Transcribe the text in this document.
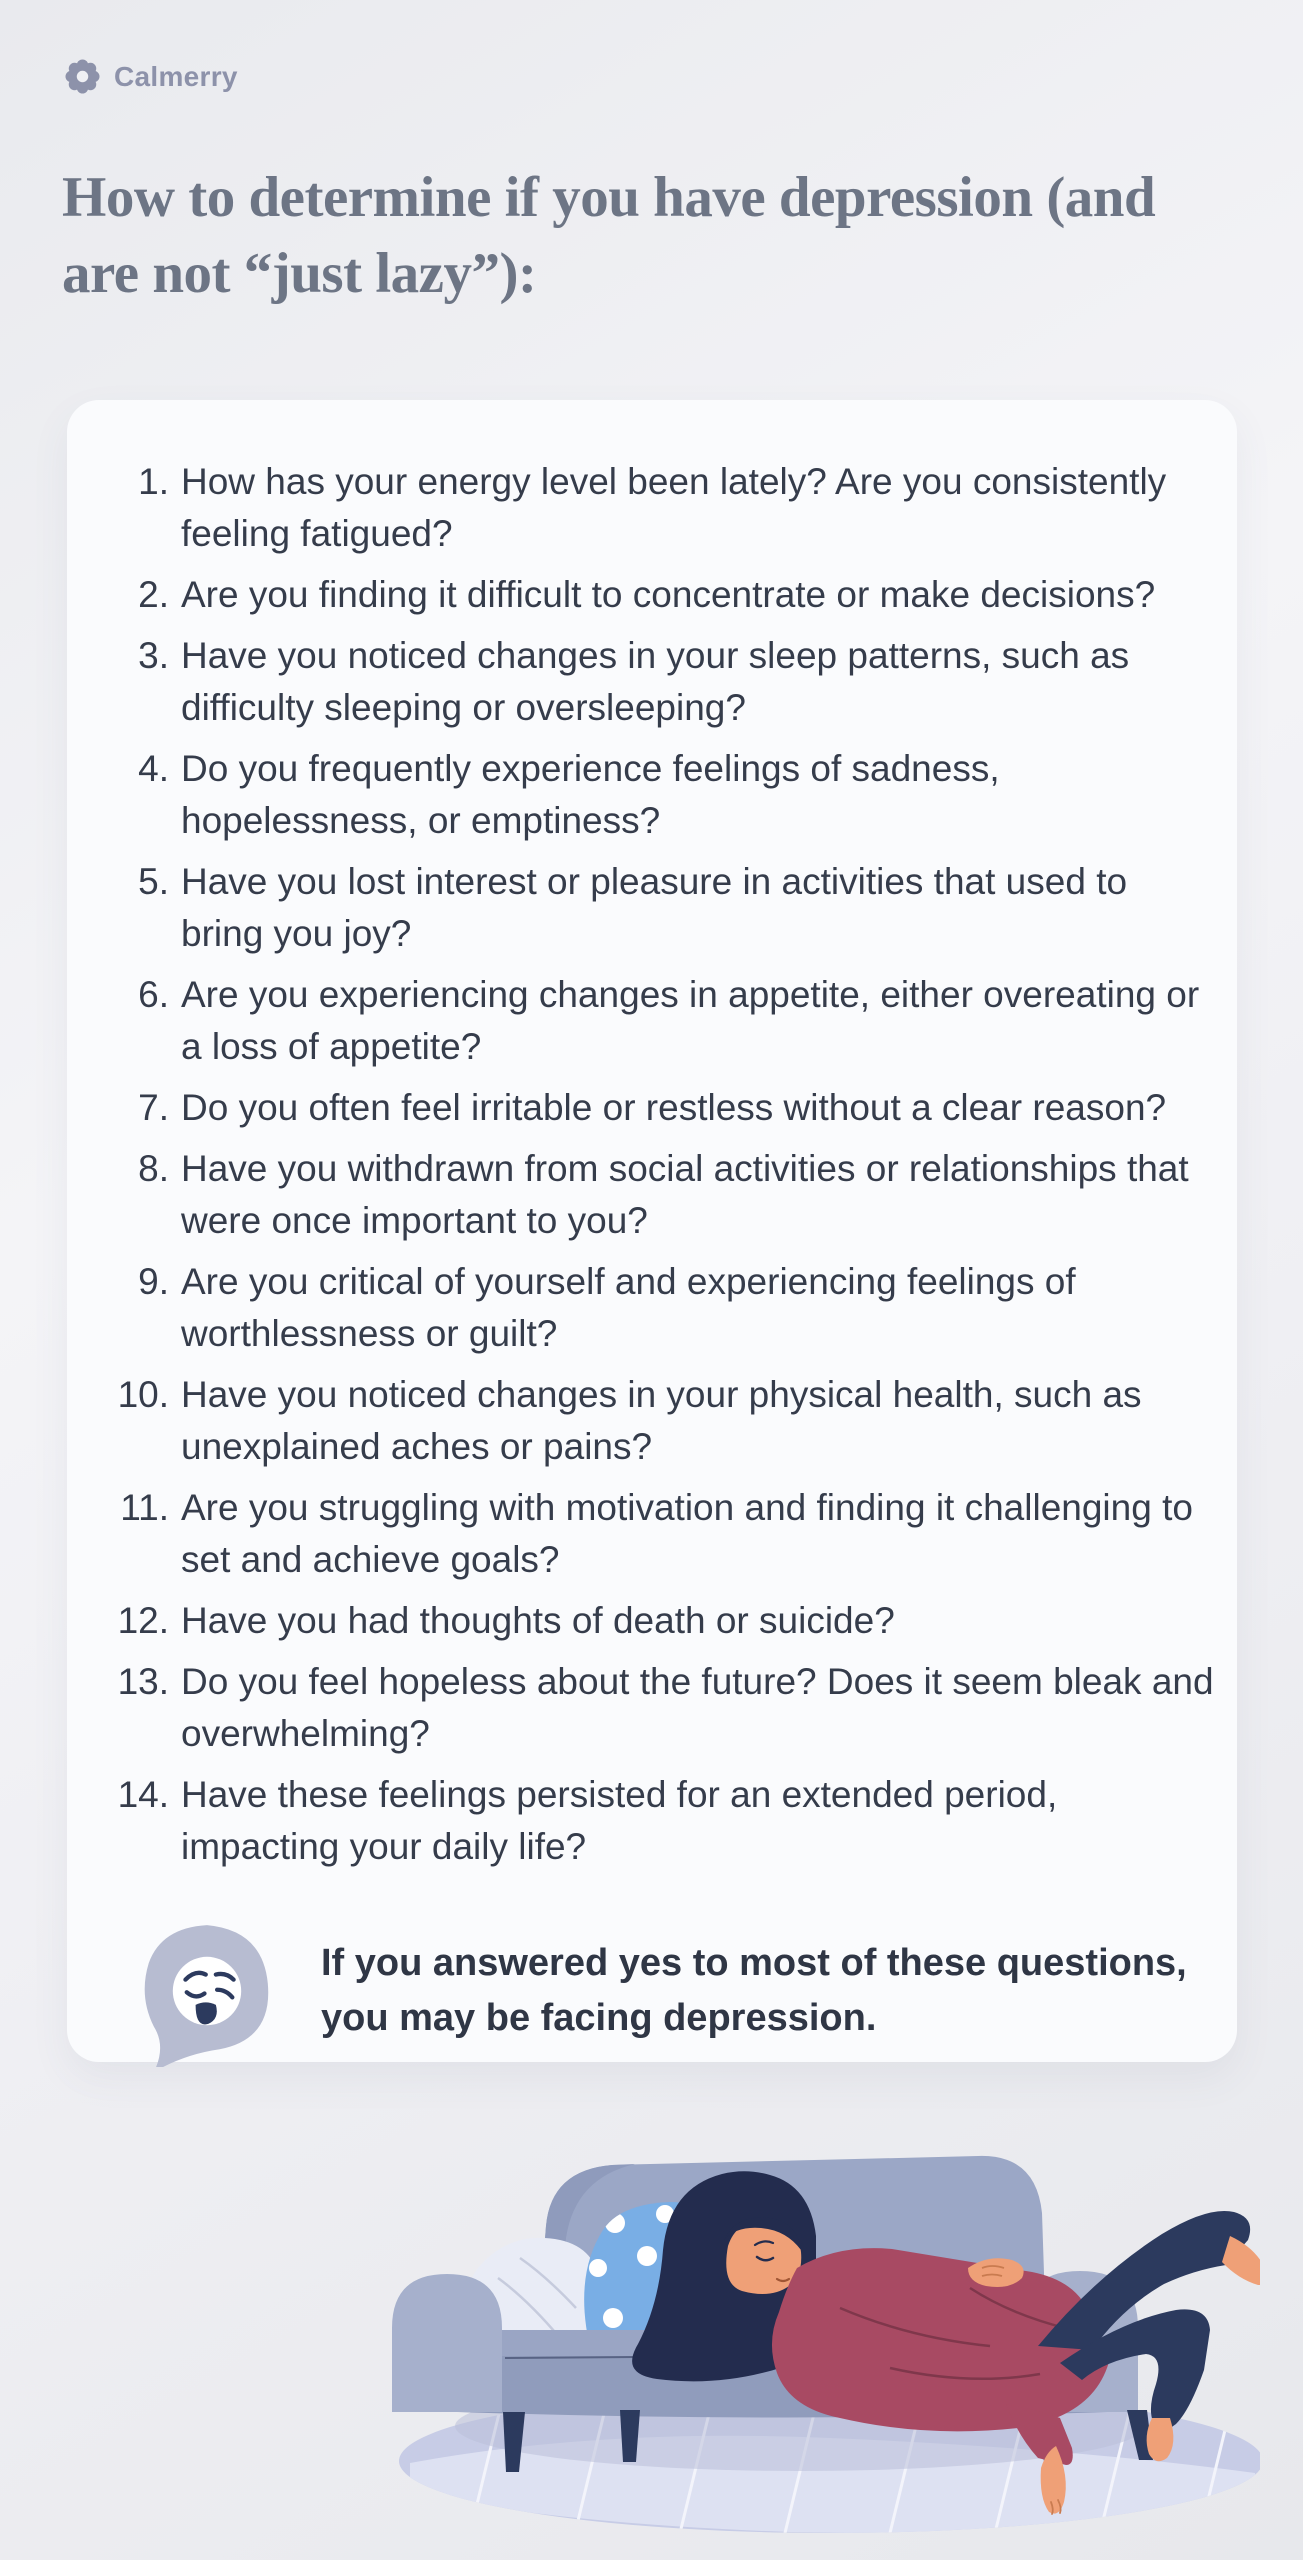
Calmerry
How to determine if you have depression (and are not “just lazy”):
1. How has your energy level been lately? Are you consistently feeling fatigued?
2. Are you finding it difficult to concentrate or make decisions?
3. Have you noticed changes in your sleep patterns, such as difficulty sleeping or oversleeping?
4. Do you frequently experience feelings of sadness, hopelessness, or emptiness?
5. Have you lost interest or pleasure in activities that used to bring you joy?
6. Are you experiencing changes in appetite, either overeating or a loss of appetite?
7. Do you often feel irritable or restless without a clear reason?
8. Have you withdrawn from social activities or relationships that were once important to you?
9. Are you critical of yourself and experiencing feelings of worthlessness or guilt?
10. Have you noticed changes in your physical health, such as unexplained aches or pains?
11. Are you struggling with motivation and finding it challenging to set and achieve goals?
12. Have you had thoughts of death or suicide?
13. Do you feel hopeless about the future? Does it seem bleak and overwhelming?
14. Have these feelings persisted for an extended period, impacting your daily life?
If you answered yes to most of these questions,
you may be facing depression.
